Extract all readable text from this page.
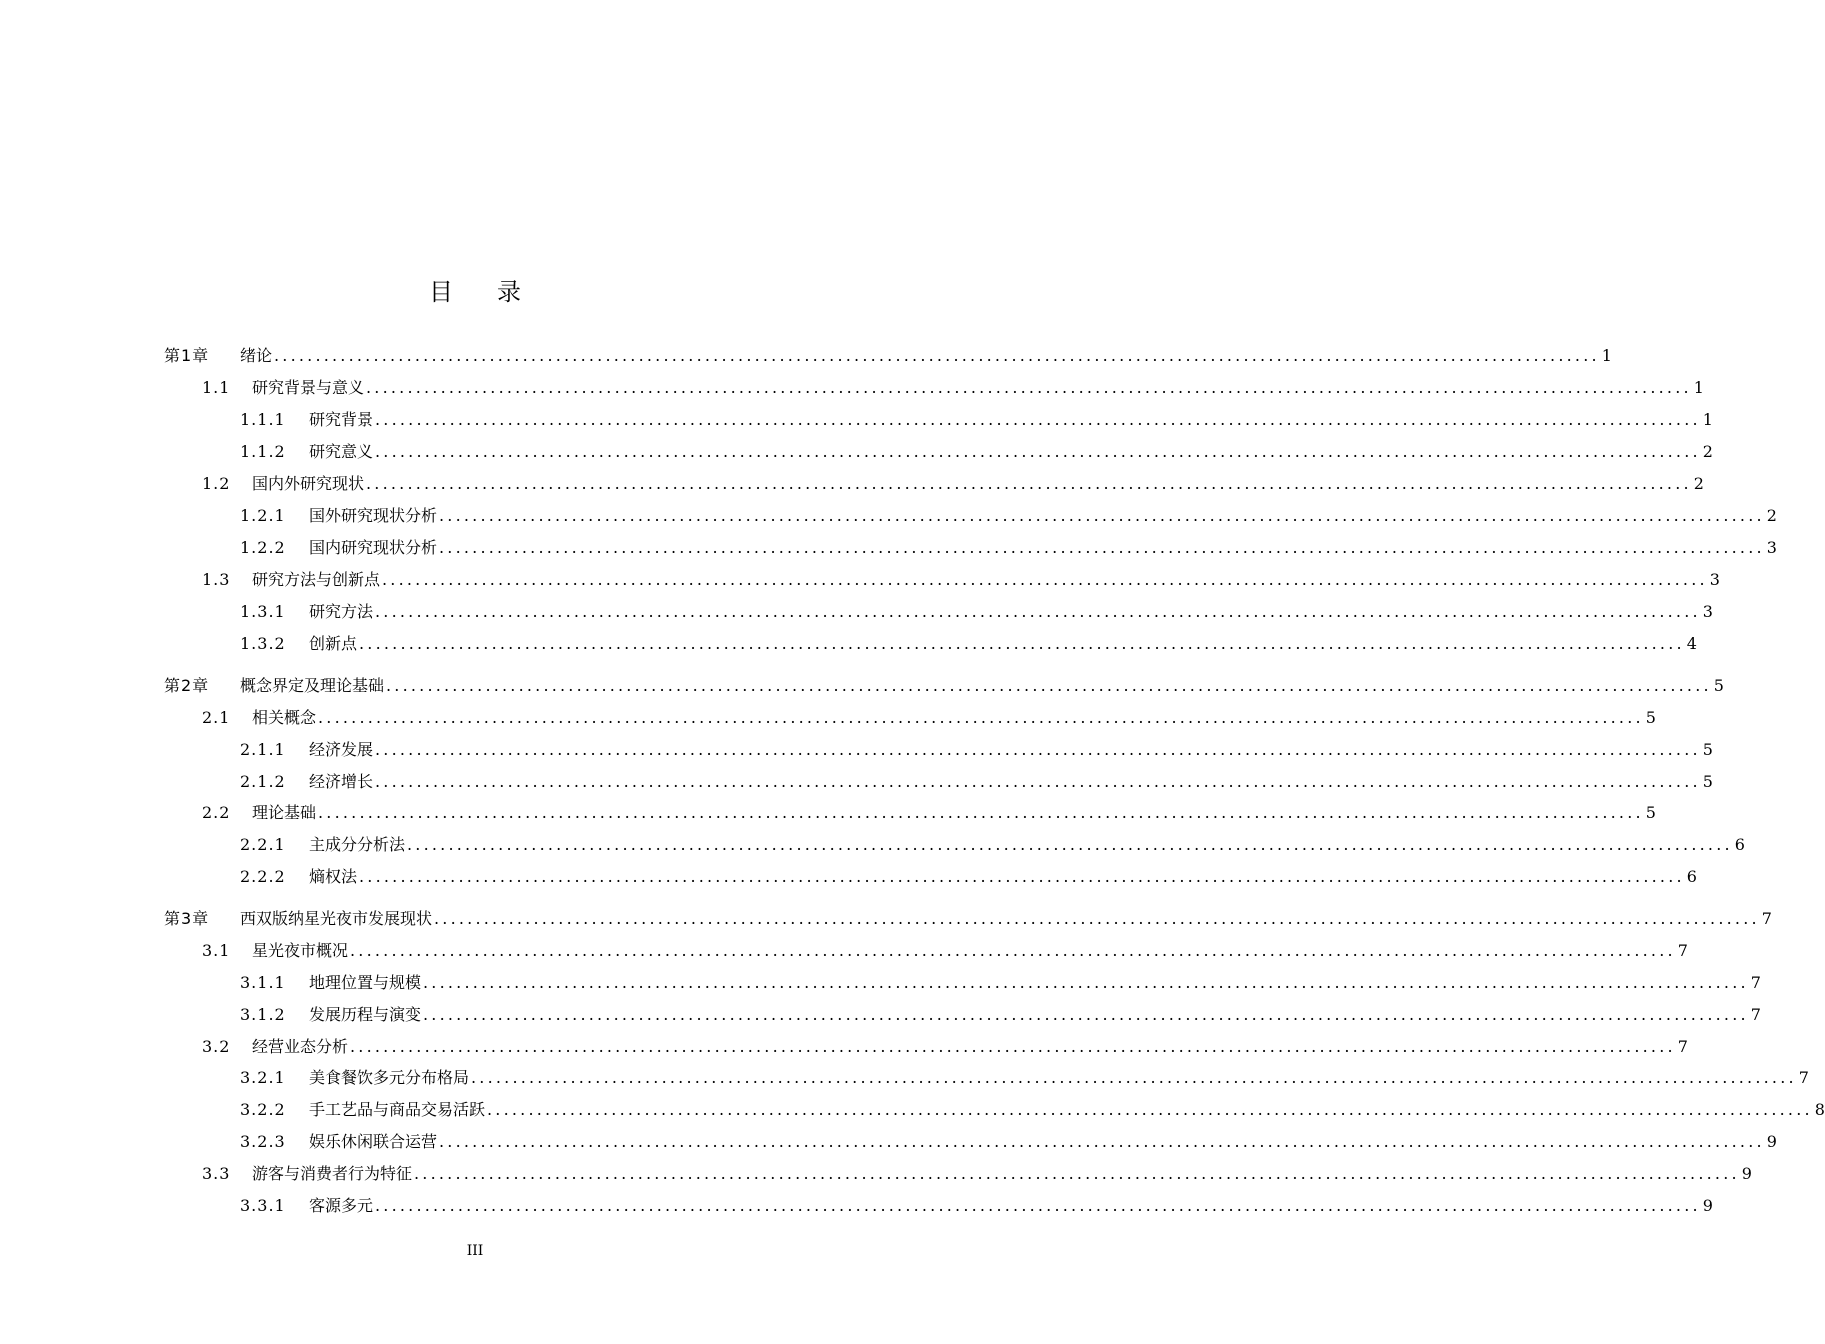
目录
第1章	绪论 ................................................................................................................................................................ 1
1.1	研究背景与意义 ................................................................................................................................................................ 1
1.1.1	研究背景 ................................................................................................................................................................ 1
1.1.2	研究意义 ................................................................................................................................................................ 2
1.2	国内外研究现状 ................................................................................................................................................................ 2
1.2.1	国外研究现状分析 ................................................................................................................................................................ 2
1.2.2	国内研究现状分析 ................................................................................................................................................................ 3
1.3	研究方法与创新点 ................................................................................................................................................................ 3
1.3.1	研究方法 ................................................................................................................................................................ 3
1.3.2	创新点 ................................................................................................................................................................ 4
第2章	概念界定及理论基础 ................................................................................................................................................................ 5
2.1	相关概念 ................................................................................................................................................................ 5
2.1.1	经济发展 ................................................................................................................................................................ 5
2.1.2	经济增长 ................................................................................................................................................................ 5
2.2	理论基础 ................................................................................................................................................................ 5
2.2.1	主成分分析法 ................................................................................................................................................................ 6
2.2.2	熵权法 ................................................................................................................................................................ 6
第3章	西双版纳星光夜市发展现状 ................................................................................................................................................................ 7
3.1	星光夜市概况 ................................................................................................................................................................ 7
3.1.1	地理位置与规模 ................................................................................................................................................................ 7
3.1.2	发展历程与演变 ................................................................................................................................................................ 7
3.2	经营业态分析 ................................................................................................................................................................ 7
3.2.1	美食餐饮多元分布格局 ................................................................................................................................................................ 7
3.2.2	手工艺品与商品交易活跃 ................................................................................................................................................................ 8
3.2.3	娱乐休闲联合运营 ................................................................................................................................................................ 9
3.3	游客与消费者行为特征 ................................................................................................................................................................ 9
3.3.1	客源多元 ................................................................................................................................................................ 9
III
